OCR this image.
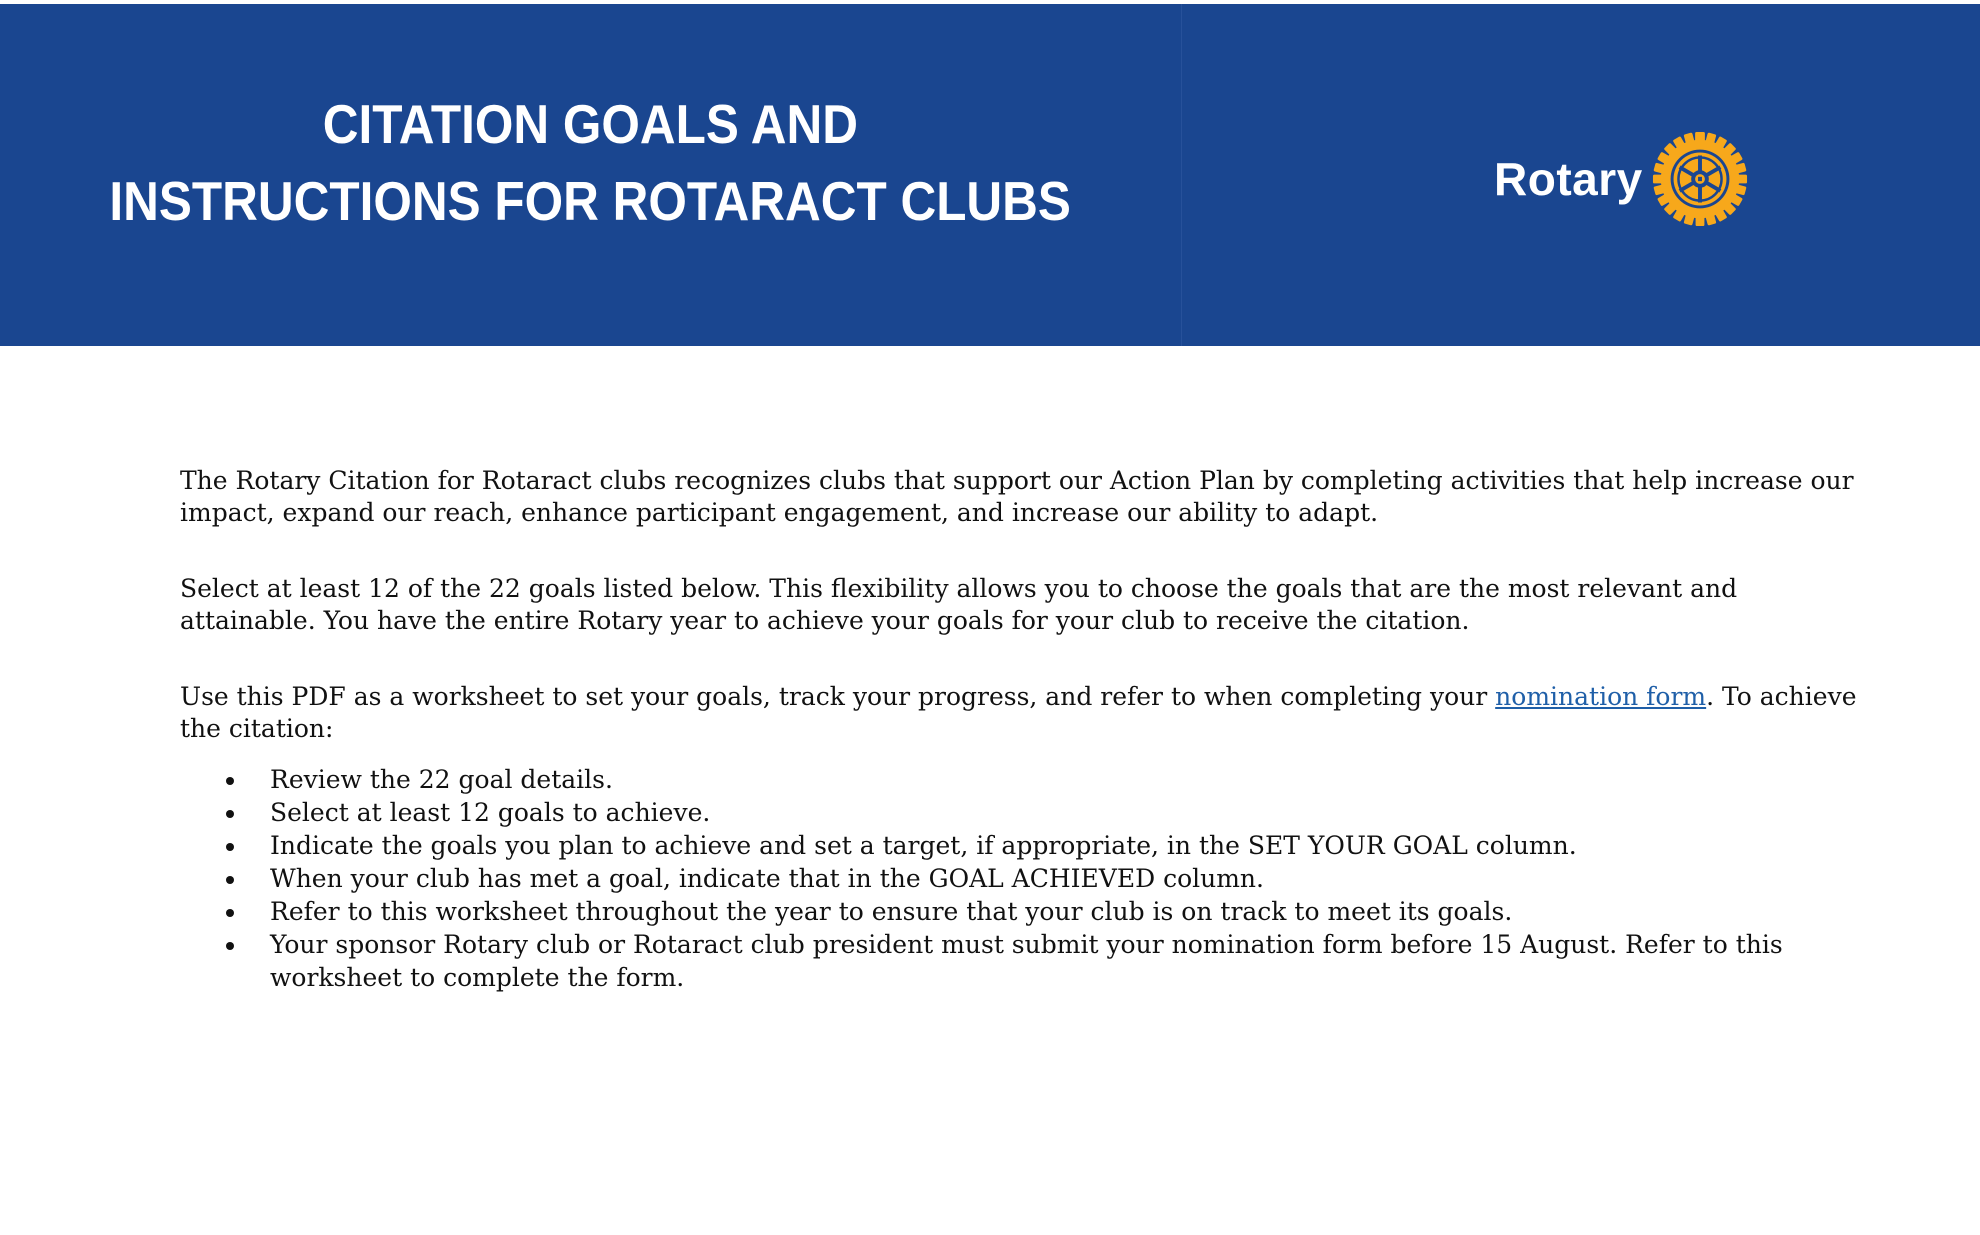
CITATION GOALS AND
INSTRUCTIONS FOR ROTARACT CLUBS	Rotary

The Rotary Citation for Rotaract clubs recognizes clubs that support our Action Plan by completing activities that help increase our impact, expand our reach, enhance participant engagement, and increase our ability to adapt.

Select at least 12 of the 22 goals listed below. This flexibility allows you to choose the goals that are the most relevant and attainable. You have the entire Rotary year to achieve your goals for your club to receive the citation.

Use this PDF as a worksheet to set your goals, track your progress, and refer to when completing your nomination form. To achieve the citation:

Review the 22 goal details.
Select at least 12 goals to achieve.
Indicate the goals you plan to achieve and set a target, if appropriate, in the SET YOUR GOAL column.
When your club has met a goal, indicate that in the GOAL ACHIEVED column.
Refer to this worksheet throughout the year to ensure that your club is on track to meet its goals.
Your sponsor Rotary club or Rotaract club president must submit your nomination form before 15 August. Refer to this worksheet to complete the form.
